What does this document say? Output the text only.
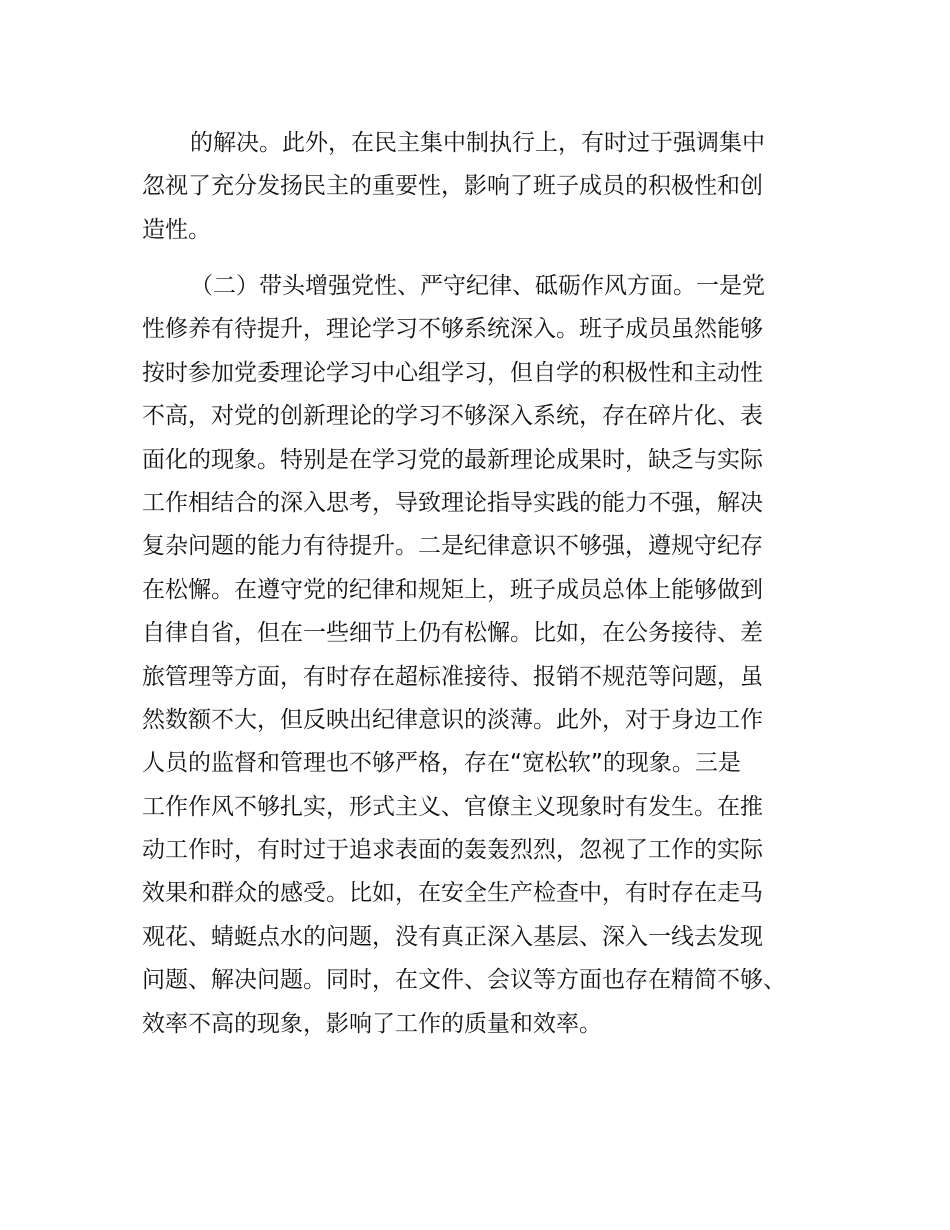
的解决。此外，在民主集中制执行上，有时过于强调集中
忽视了充分发扬民主的重要性，影响了班子成员的积极性和创
造性。
（二）带头增强党性、严守纪律、砥砺作风方面。一是党
性修养有待提升，理论学习不够系统深入。班子成员虽然能够
按时参加党委理论学习中心组学习，但自学的积极性和主动性
不高，对党的创新理论的学习不够深入系统，存在碎片化、表
面化的现象。特别是在学习党的最新理论成果时，缺乏与实际
工作相结合的深入思考，导致理论指导实践的能力不强，解决
复杂问题的能力有待提升。二是纪律意识不够强，遵规守纪存
在松懈。在遵守党的纪律和规矩上，班子成员总体上能够做到
自律自省，但在一些细节上仍有松懈。比如，在公务接待、差
旅管理等方面，有时存在超标准接待、报销不规范等问题，虽
然数额不大，但反映出纪律意识的淡薄。此外，对于身边工作
人员的监督和管理也不够严格，存在“宽松软”的现象。三是
工作作风不够扎实，形式主义、官僚主义现象时有发生。在推
动工作时，有时过于追求表面的轰轰烈烈，忽视了工作的实际
效果和群众的感受。比如，在安全生产检查中，有时存在走马
观花、蜻蜓点水的问题，没有真正深入基层、深入一线去发现
问题、解决问题。同时，在文件、会议等方面也存在精简不够、
效率不高的现象，影响了工作的质量和效率。
